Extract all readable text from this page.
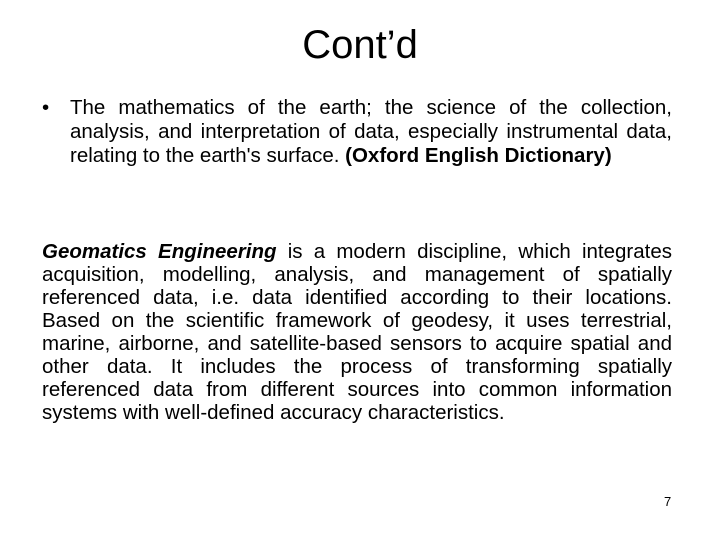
Cont’d
• The mathematics of the earth; the science of the collection, analysis, and interpretation of data, especially instrumental data, relating to the earth's surface. (Oxford English Dictionary)
Geomatics Engineering is a modern discipline, which integrates acquisition, modelling, analysis, and management of spatially referenced data, i.e. data identified according to their locations. Based on the scientific framework of geodesy, it uses terrestrial, marine, airborne, and satellite-based sensors to acquire spatial and other data. It includes the process of transforming spatially referenced data from different sources into common information systems with well-defined accuracy characteristics.
7
